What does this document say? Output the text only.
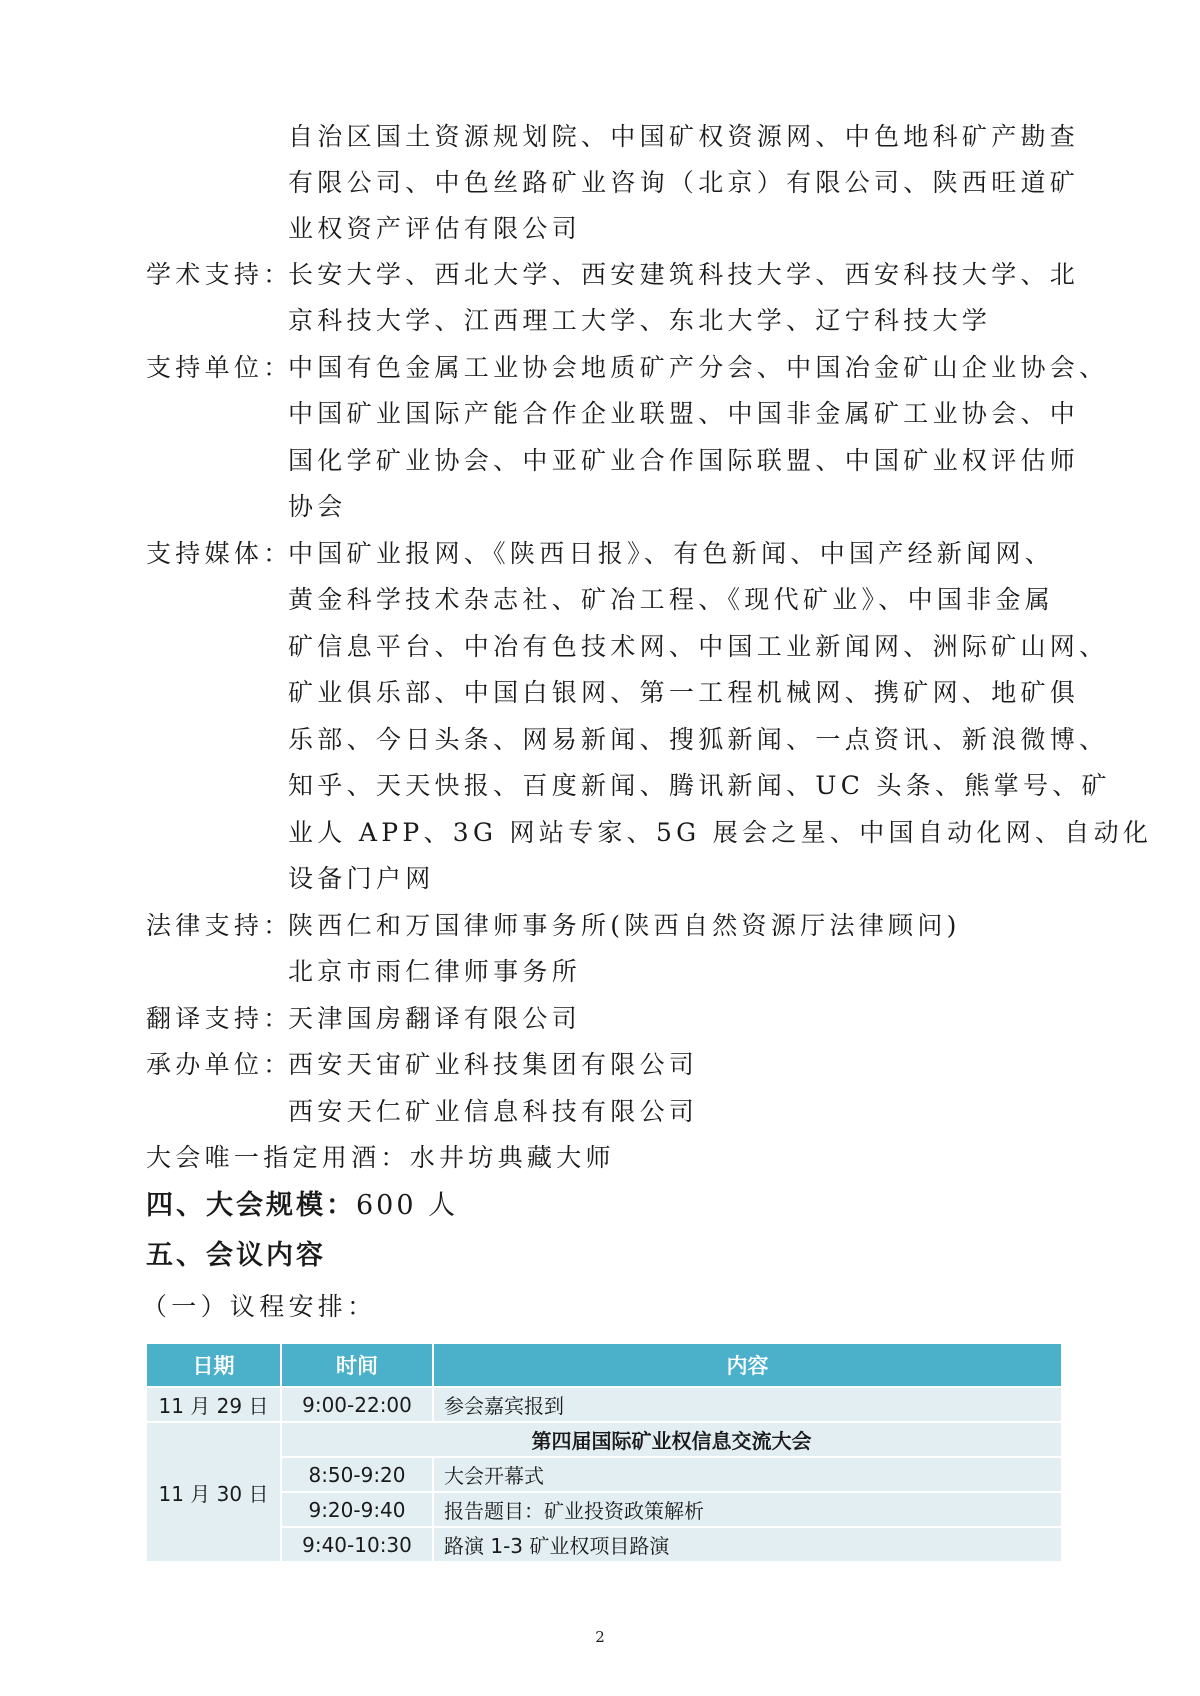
自治区国土资源规划院、中国矿权资源网、中色地科矿产勘查
有限公司、中色丝路矿业咨询（北京）有限公司、陕西旺道矿
业权资产评估有限公司
学术支持：
长安大学、西北大学、西安建筑科技大学、西安科技大学、北
京科技大学、江西理工大学、东北大学、辽宁科技大学
支持单位：
中国有色金属工业协会地质矿产分会、中国冶金矿山企业协会、
中国矿业国际产能合作企业联盟、中国非金属矿工业协会、中
国化学矿业协会、中亚矿业合作国际联盟、中国矿业权评估师
协会
支持媒体：
中国矿业报网、《陕西日报》、有色新闻、中国产经新闻网、
黄金科学技术杂志社、矿冶工程、《现代矿业》、中国非金属
矿信息平台、中冶有色技术网、中国工业新闻网、洲际矿山网、
矿业俱乐部、中国白银网、第一工程机械网、携矿网、地矿俱
乐部、今日头条、网易新闻、搜狐新闻、一点资讯、新浪微博、
知乎、天天快报、百度新闻、腾讯新闻、UC 头条、熊掌号、矿
业人 APP、3G 网站专家、5G 展会之星、中国自动化网、自动化
设备门户网
法律支持：
陕西仁和万国律师事务所(陕西自然资源厅法律顾问)
北京市雨仁律师事务所
翻译支持：
天津国房翻译有限公司
承办单位：
西安天宙矿业科技集团有限公司
西安天仁矿业信息科技有限公司
大会唯一指定用酒：水井坊典藏大师
四、大会规模：600 人
五、会议内容
（一）议程安排：
日期	时间	内容
11 月 29 日	9:00-22:00	参会嘉宾报到
11 月 30 日	第四届国际矿业权信息交流大会	
	8:50-9:20	大会开幕式
	9:20-9:40	报告题目：矿业投资政策解析
	9:40-10:30	路演 1-3 矿业权项目路演
2
